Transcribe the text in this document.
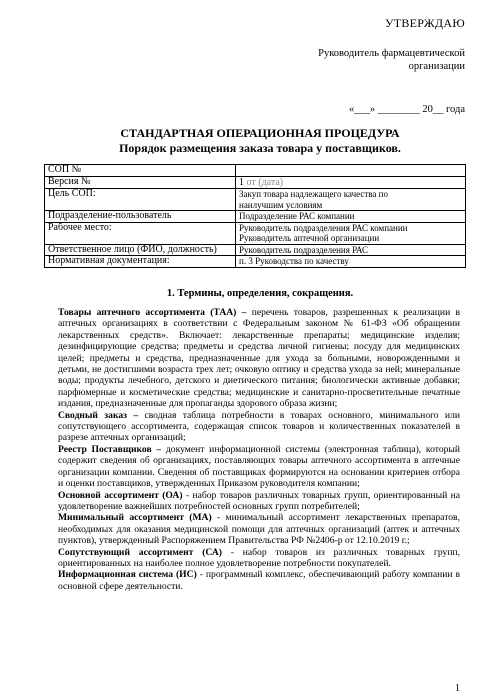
УТВЕРЖДАЮ
Руководитель фармацевтической
организации
«___» ________ 20__ года
СТАНДАРТНАЯ ОПЕРАЦИОННАЯ ПРОЦЕДУРА
Порядок размещения заказа товара у поставщиков.
СОП №	
Версия №	1 от (дата)
Цель СОП:	Закуп товара надлежащего качества по наилучшим условиям
Подразделение-пользователь	Подразделение РАС компании
Рабочее место:	Руководитель подразделения РАС компании
Руководитель аптечной организации

Ответственное лицо (ФИО, должность)	Руководитель подразделения РАС
Нормативная документация:	п. 3 Руководства по качеству
1. Термины, определения, сокращения.

Товары аптечного ассортимента (ТАА) – перечень товаров, разрешенных к реализации в аптечных организациях в соответствии с Федеральным законом № 61-ФЗ «Об обращении лекарственных средств». Включает: лекарственные препараты; медицинские изделия; дезинфицирующие средства; предметы и средства личной гигиены; посуду для медицинских целей; предметы и средства, предназначенные для ухода за больными, новорожденными и детьми, не достигшими возраста трех лет; очковую оптику и средства ухода за ней; минеральные воды; продукты лечебного, детского и диетического питания; биологически активные добавки; парфюмерные и косметические средства; медицинские и санитарно-просветительные печатные издания, предназначенные для пропаганды здорового образа жизни;

Сводный заказ – сводная таблица потребности в товарах основного, минимального или сопутствующего ассортимента, содержащая список товаров и количественных показателей в разрезе аптечных организаций;

Реестр Поставщиков – документ информационной системы (электронная таблица), который содержит сведения об организациях, поставляющих товары аптечного ассортимента в аптечные организации компании. Сведения об поставщиках формируются на основании критериев отбора и оценки поставщиков, утвержденных Приказом руководителя компании;

Основной ассортимент (ОА) - набор товаров различных товарных групп, ориентированный на удовлетворение важнейших потребностей основных групп потребителей;

Минимальный ассортимент (МА) - минимальный ассортимент лекарственных препаратов, необходимых для оказания медицинской помощи для аптечных организаций (аптек и аптечных пунктов), утвержденный Распоряжением Правительства РФ №2406-р от 12.10.2019 г.;

Сопутствующий ассортимент (СА) - набор товаров из различных товарных групп, ориентированных на наиболее полное удовлетворение потребности покупателей.

Информационная система (ИС) - программный комплекс, обеспечивающий работу компании в основной сфере деятельности.

1
